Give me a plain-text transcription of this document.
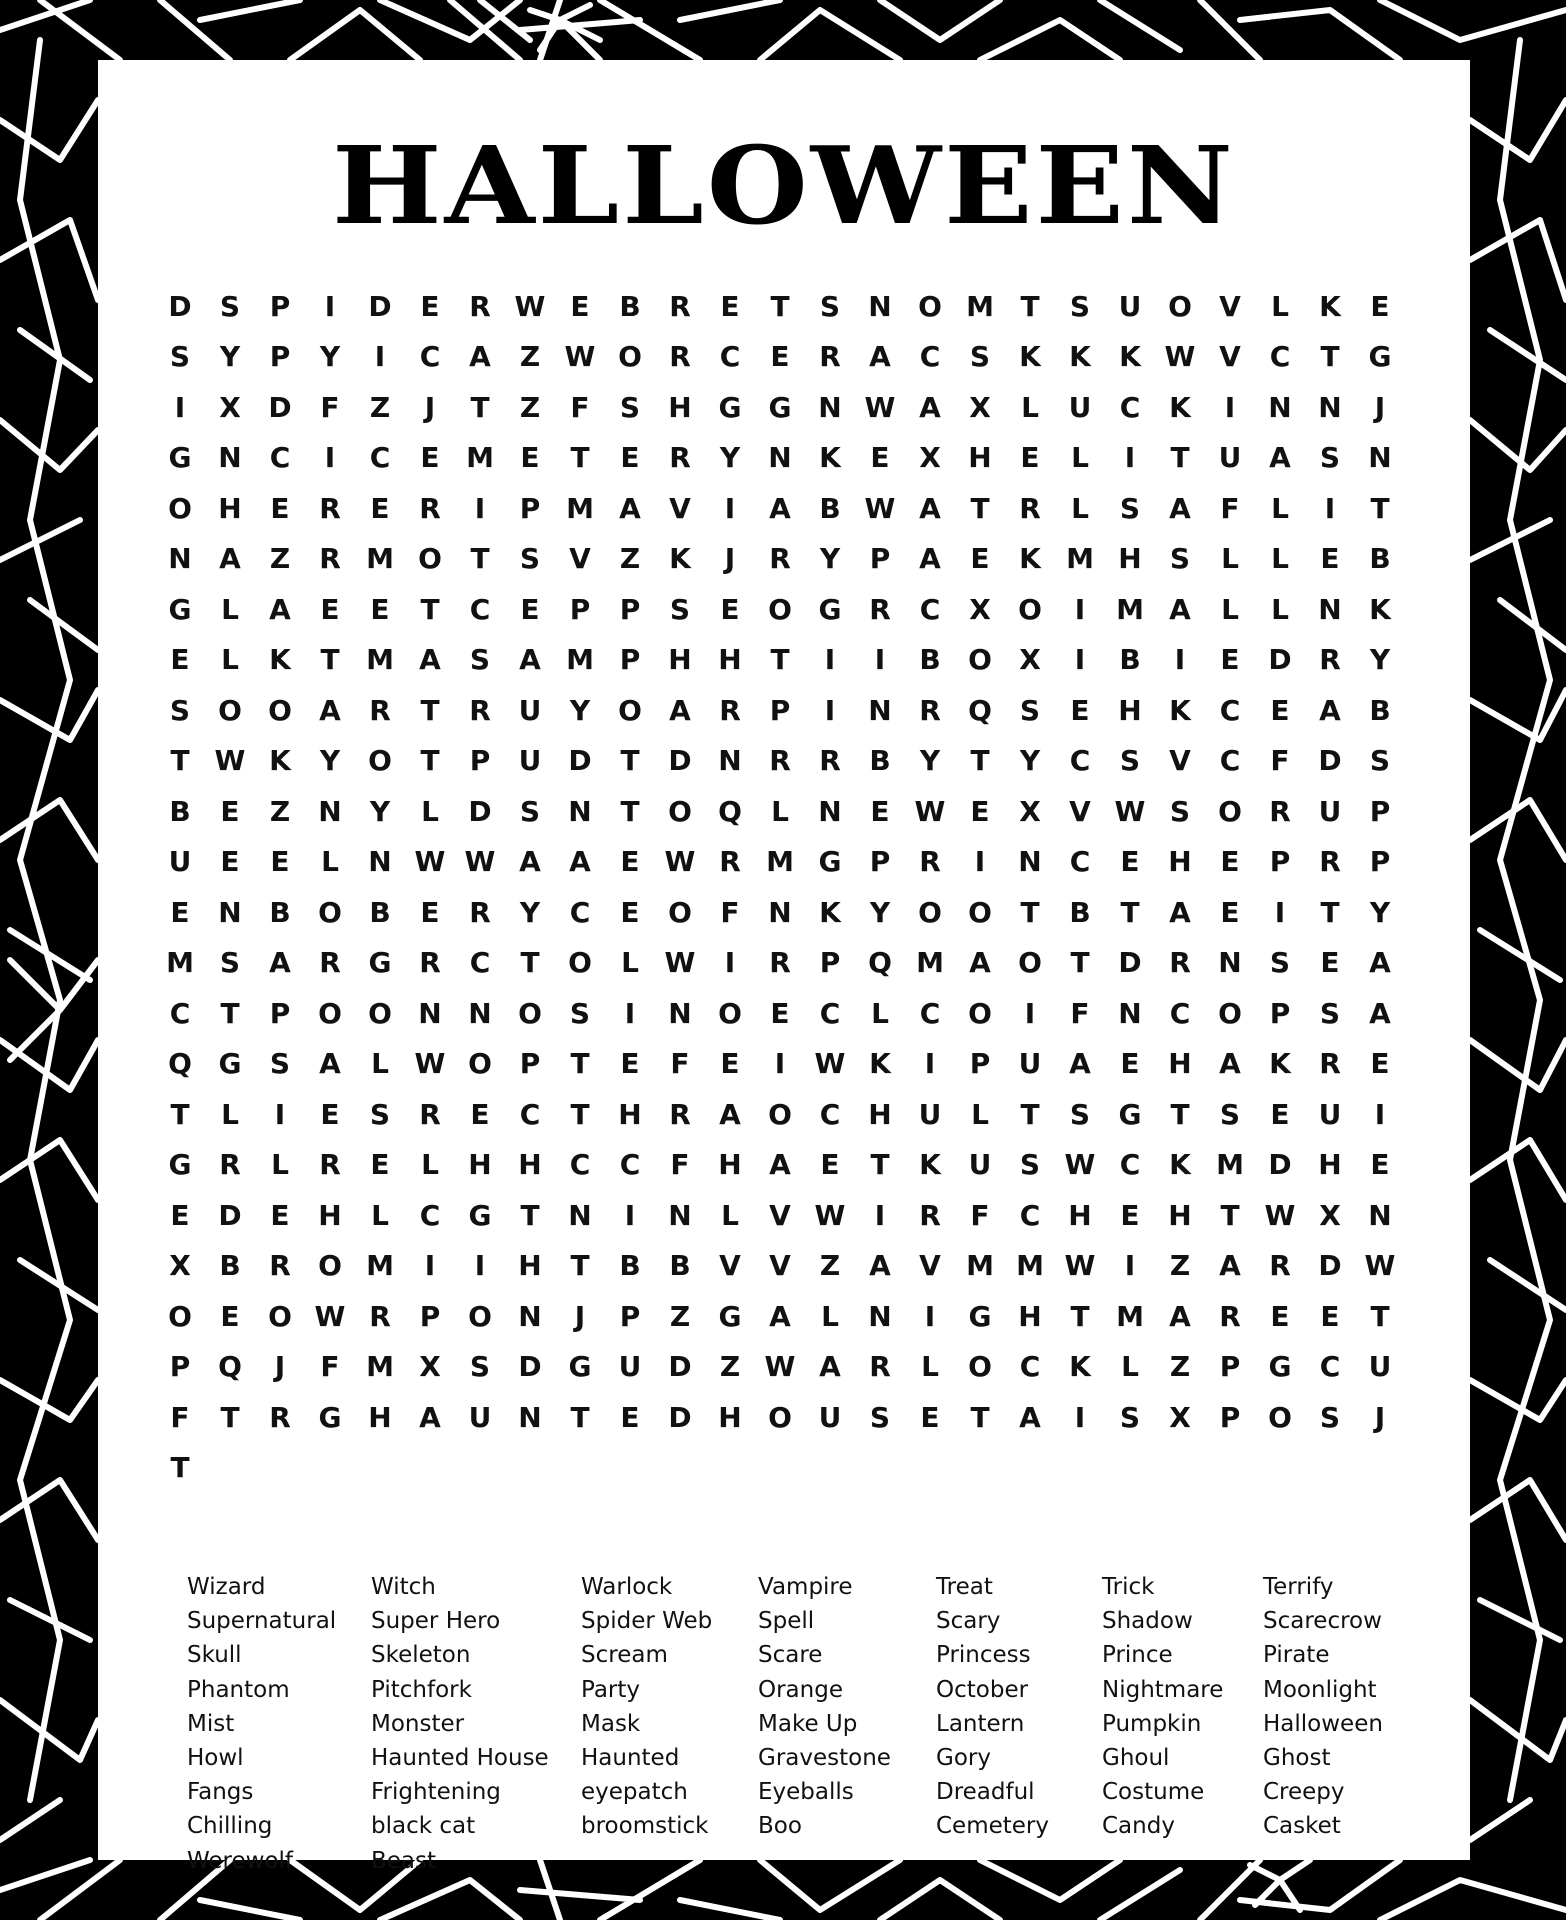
HALLOWEEN
D	S	P	I	D	E	R W E	B	R	E	T	S	N O M T	S	U O V	L	K	E
S	Y	P	Y	I	C	A	Z W O R	C	E	R	A	C	S	K	K	K W V	C	T	G
I	X D	F	Z	J	T	Z	F	S	H G G N W A	X	L	U	C	K	I	N N	J
G N	C	I	C	E M E	T	E	R	Y	N K	E	X H	E	L	I	T	U A	S	N
O H	E	R	E	R	I	P M A	V	I	A	B W A	T	R	L	S	A	F	L	I	T
N A	Z	R M O	T	S	V	Z	K	J	R	Y	P	A	E	K M H	S	L	L	E	B
G	L	A	E	E	T	C	E	P	P	S	E	O G R	C	X O	I	M A	L	L	N K
E	L	K	T M A	S	A M P	H H	T	I	I	B O X	I	B	I	E	D R	Y
S	O O A	R	T	R U	Y O A	R	P	I	N R Q	S	E	H K	C	E	A	B
T W K	Y O	T	P	U D	T	D N R	R	B	Y	T	Y	C	S	V	C	F	D	S
B	E	Z	N	Y	L	D	S	N	T	O Q	L	N	E W E	X	V W S	O R U	P
U	E	E	L	N W W A	A	E W R M G	P	R	I	N	C	E	H	E	P	R	P
E	N B O B	E	R	Y	C	E	O	F	N K	Y O O	T	B	T	A	E	I	T	Y
M S	A	R G R	C	T	O	L W	I	R	P Q M A O	T	D R N	S	E	A
C	T	P O O N N O	S	I	N O	E	C	L	C O	I	F	N	C O P	S	A
Q G	S	A	L W O P	T	E	F	E	I	W K	I	P	U A	E	H A	K	R	E
T	L	I	E	S	R	E	C	T	H R	A O C	H U	L	T	S	G	T	S	E	U	I
G R	L	R	E	L	H H	C	C	F	H A	E	T	K U	S W C	K M D H	E
E	D	E	H	L	C	G	T	N	I	N	L	V W	I	R	F	C	H	E	H	T W X N
X	B	R O M	I	I	H	T	B	B	V	V	Z	A	V M M W	I	Z	A	R D W
O	E	O W R	P O N	J	P	Z	G A	L	N	I	G H	T M A	R	E	E	T
P Q	J	F M X	S	D G U D	Z W A	R	L	O C	K	L	Z	P	G	C	U
F	T	R G H A U N	T	E	D H O U	S	E	T	A	I	S	X	P O	S	J
T
Wizard
Supernatural
Skull
Phantom
Mist
Howl
Fangs
Chilling
Werewolf
Witch
Super Hero
Skeleton
Pitchfork
Monster
Haunted House
Frightening
black cat
Beast
Warlock
Spider Web
Scream
Party
Mask
Haunted
eyepatch
broomstick
Vampire
Spell
Scare
Orange
Make Up
Gravestone
Eyeballs
Boo
Treat
Scary
Princess
October
Lantern
Gory
Dreadful
Cemetery
Trick
Shadow
Prince
Nightmare
Pumpkin
Ghoul
Costume
Candy
Terrify
Scarecrow
Pirate
Moonlight
Halloween
Ghost
Creepy
Casket
